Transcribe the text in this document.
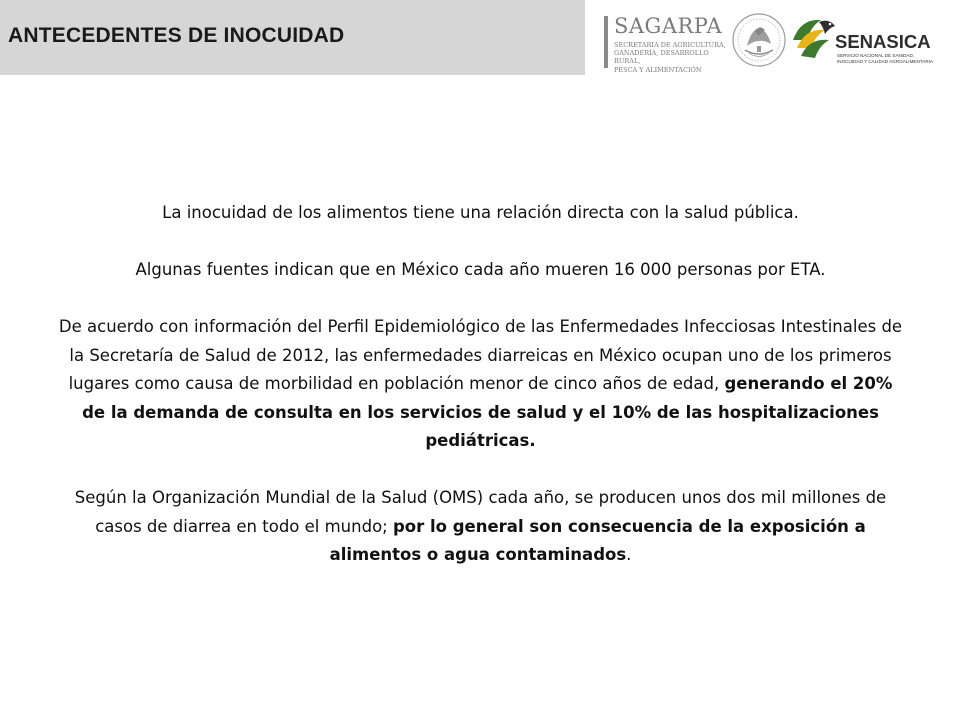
ANTECEDENTES DE INOCUIDAD	SAGARPA
SECRETARÍA DE AGRICULTURA,
GANADERÍA, DESARROLLO RURAL,
PESCA Y ALIMENTACIÓN
SENASICA
SERVICIO NACIONAL DE SANIDAD,
INOCUIDAD Y CALIDAD AGROALIMENTARIA

La inocuidad de los alimentos tiene una relación directa con la salud pública.

Algunas fuentes indican que en México cada año mueren 16 000 personas por ETA.

De acuerdo con información del Perfil Epidemiológico de las Enfermedades Infecciosas Intestinales de la Secretaría de Salud de 2012, las enfermedades diarreicas en México ocupan uno de los primeros lugares como causa de morbilidad en población menor de cinco años de edad, generando el 20% de la demanda de consulta en los servicios de salud y el 10% de las hospitalizaciones pediátricas.

Según la Organización Mundial de la Salud (OMS) cada año, se producen unos dos mil millones de casos de diarrea en todo el mundo; por lo general son consecuencia de la exposición a alimentos o agua contaminados.
